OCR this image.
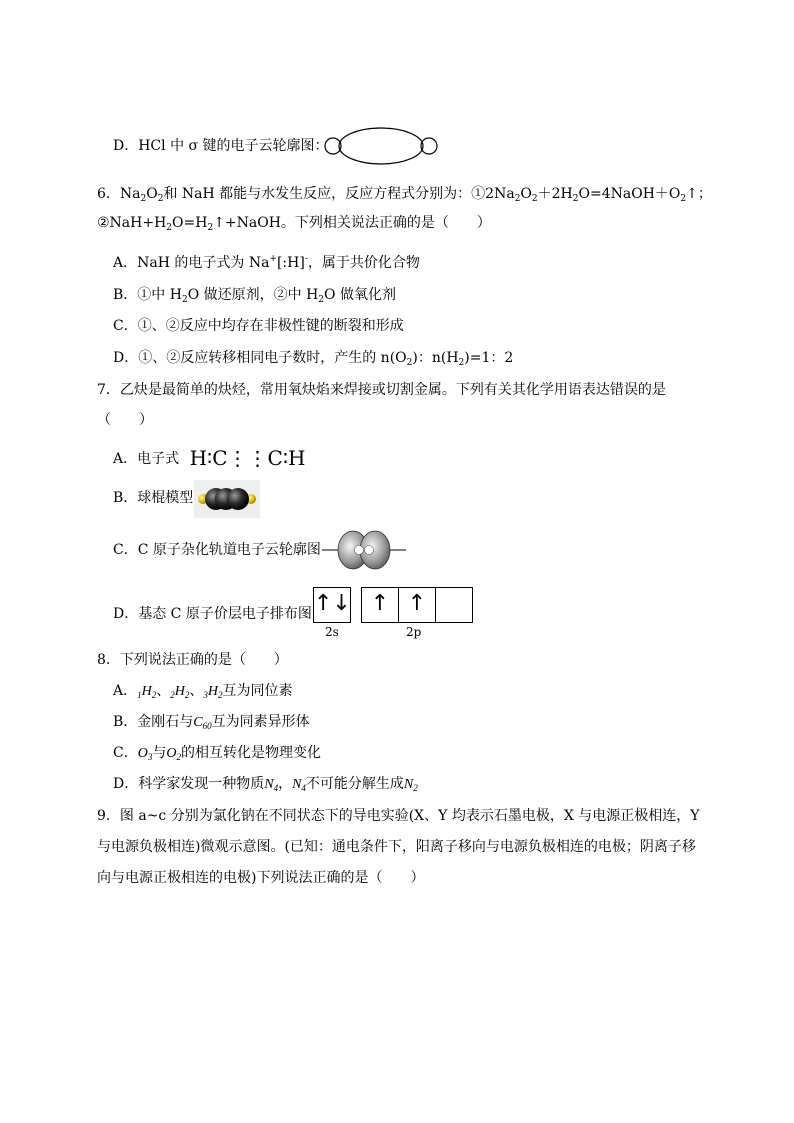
D．HCl 中 σ 键的电子云轮廓图：
6．$Na_2O_2$和 NaH 都能与水发生反应，反应方程式分别为：$①2Na_2O_2+2H_2O=4NaOH+O_2↑$；
$②NaH+H_2O=H_2↑+NaOH$。下列相关说法正确的是（　　）
A．NaH 的电子式为 Na+[:H]-，属于共价化合物
B．①中 $H_2O$ 做还原剂，②中 $H_2O$ 做氧化剂
C．①、②反应中均存在非极性键的断裂和形成
D．①、②反应转移相同电子数时，产生的 $n(O_2)$：$n(H_2)=1$：2
7．乙炔是最简单的炔烃，常用氧炔焰来焊接或切割金属。下列有关其化学用语表达错误的是
（　　）
A．电子式 H∶C⋮⋮C∶H
B．球棍模型
C．C 原子杂化轨道电子云轮廓图
D．基态 C 原子价层电子排布图 ↑↓ ↑ ↑
2s	2p
8．下列说法正确的是（　　）
A．$_1H_2$、$_2H_2$、$_3H_2$互为同位素
B．金刚石与$C_{60}$互为同素异形体
C．$O_3$与$O_2$的相互转化是物理变化
D．科学家发现一种物质$N_4$，$N_4$不可能分解生成$N_2$
9．图 a~c 分别为氯化钠在不同状态下的导电实验(X、Y 均表示石墨电极，X 与电源正极相连，Y
与电源负极相连)微观示意图。(已知：通电条件下，阳离子移向与电源负极相连的电极；阴离子移
向与电源正极相连的电极)下列说法正确的是（　　）
